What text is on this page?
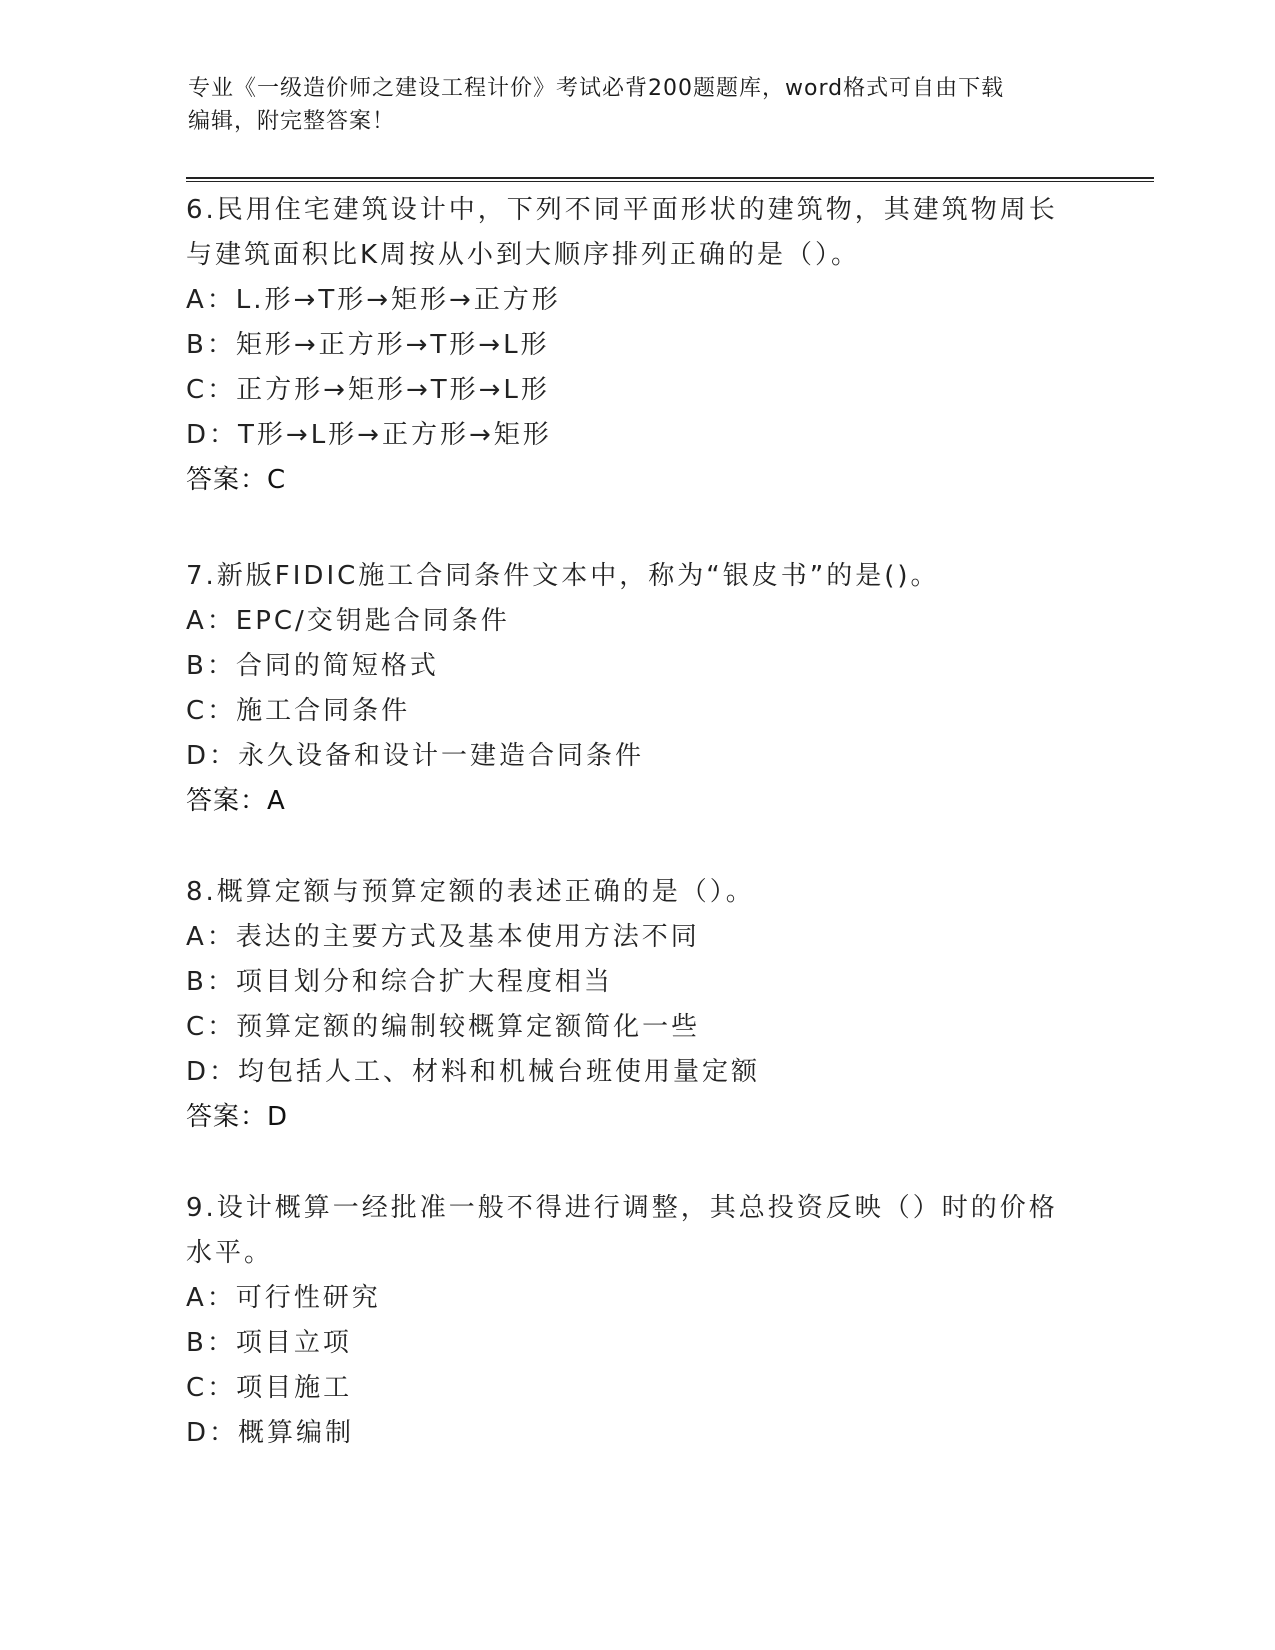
专业《一级造价师之建设工程计价》考试必背200题题库，word格式可自由下载
编辑，附完整答案！

6.民用住宅建筑设计中，下列不同平面形状的建筑物，其建筑物周长

与建筑面积比K周按从小到大顺序排列正确的是（）。

A：L.形→T形→矩形→正方形

B：矩形→正方形→T形→L形

C：正方形→矩形→T形→L形

D：T形→L形→正方形→矩形

答案：C

7.新版FIDIC施工合同条件文本中，称为“银皮书”的是()。

A：EPC/交钥匙合同条件

B：合同的简短格式

C：施工合同条件

D：永久设备和设计一建造合同条件

答案：A

8.概算定额与预算定额的表述正确的是（）。

A：表达的主要方式及基本使用方法不同

B：项目划分和综合扩大程度相当

C：预算定额的编制较概算定额简化一些

D：均包括人工、材料和机械台班使用量定额

答案：D

9.设计概算一经批准一般不得进行调整，其总投资反映（）时的价格

水平。

A：可行性研究

B：项目立项

C：项目施工

D：概算编制
